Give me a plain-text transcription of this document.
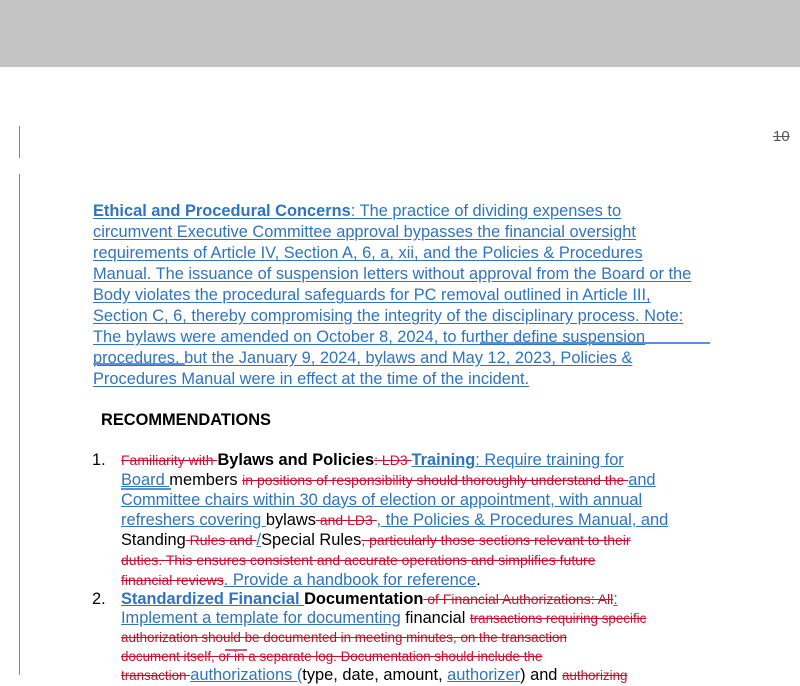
10
Ethical and Procedural Concerns: The practice of dividing expenses to
circumvent Executive Committee approval bypasses the financial oversight
requirements of Article IV, Section A, 6, a, xii, and the Policies & Procedures
Manual. The issuance of suspension letters without approval from the Board or the
Body violates the procedural safeguards for PC removal outlined in Article III,
Section C, 6, thereby compromising the integrity of the disciplinary process. Note:
The bylaws were amended on October 8, 2024, to further define suspension
procedures, but the January 9, 2024, bylaws and May 12, 2023, Policies &
Procedures Manual were in effect at the time of the incident.
RECOMMENDATIONS
1. Familiarity with Bylaws and Policies: LD3 Training: Require training for
Board members in positions of responsibility should thoroughly understand the and
Committee chairs within 30 days of election or appointment, with annual
refreshers covering bylaws and LD3 , the Policies & Procedures Manual, and
Standing Rules and /Special Rules, particularly those sections relevant to their
duties. This ensures consistent and accurate operations and simplifies future
financial reviews. Provide a handbook for reference.
2. Standardized Financial Documentation of Financial Authorizations: All:
Implement a template for documenting financial transactions requiring specific
authorization should be documented in meeting minutes, on the transaction
document itself, or in a separate log. Documentation should include the
transaction authorizations (type, date, amount, authorizer) and authorizing
